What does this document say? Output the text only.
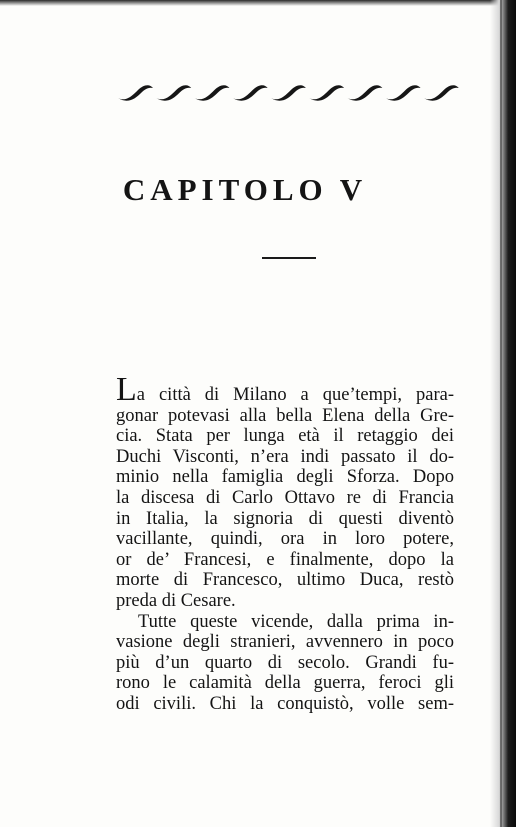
CAPITOLO V
La città di Milano a que’tempi, para-
gonar potevasi alla bella Elena della Gre-
cia. Stata per lunga età il retaggio dei
Duchi Visconti, n’era indi passato il do-
minio nella famiglia degli Sforza. Dopo
la discesa di Carlo Ottavo re di Francia
in Italia, la signoria di questi diventò
vacillante, quindi, ora in loro potere,
or de’ Francesi, e finalmente, dopo la
morte di Francesco, ultimo Duca, restò
preda di Cesare.
Tutte queste vicende, dalla prima in-
vasione degli stranieri, avvennero in poco
più d’un quarto di secolo. Grandi fu-
rono le calamità della guerra, feroci gli
odi civili. Chi la conquistò, volle sem-
